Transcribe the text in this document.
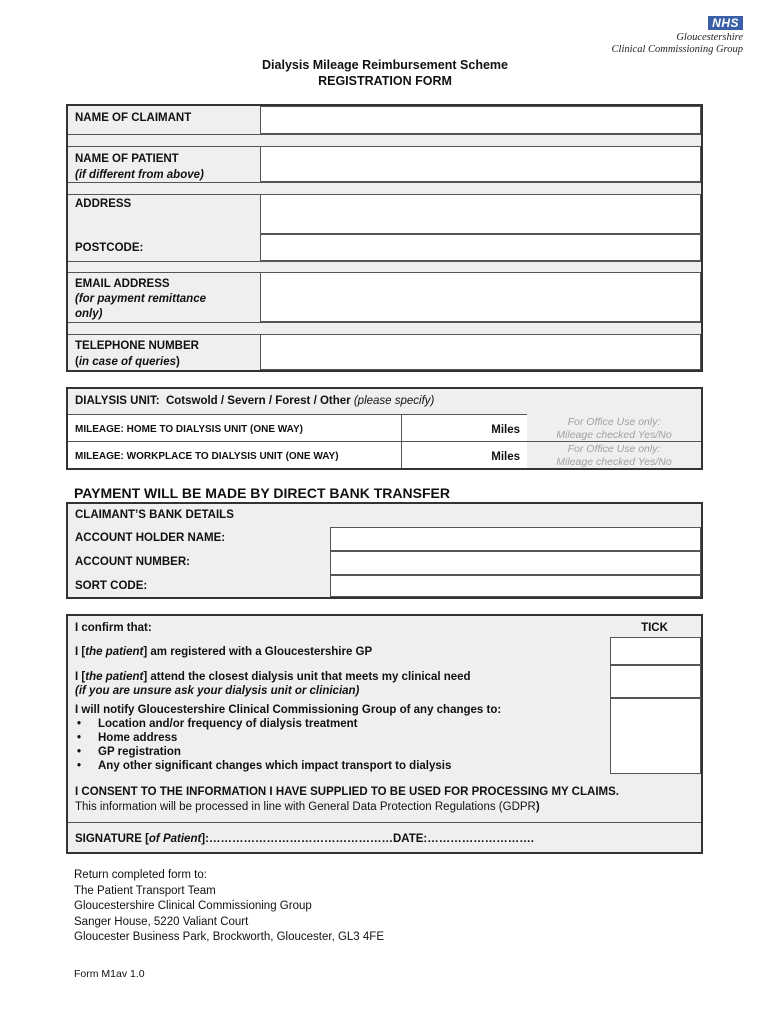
NHS
Gloucestershire
Clinical Commissioning Group
Dialysis Mileage Reimbursement Scheme
REGISTRATION FORM
NAME OF CLAIMANT
NAME OF PATIENT
(if different from above)
ADDRESS
POSTCODE:
EMAIL ADDRESS
(for payment remittance
only)
TELEPHONE NUMBER
(in case of queries)
DIALYSIS UNIT: Cotswold / Severn / Forest / Other (please specify)
MILEAGE: HOME TO DIALYSIS UNIT (ONE WAY)	Miles
For Office Use only:
Mileage checked Yes/No
MILEAGE: WORKPLACE TO DIALYSIS UNIT (ONE WAY)	Miles
For Office Use only:
Mileage checked Yes/No
PAYMENT WILL BE MADE BY DIRECT BANK TRANSFER
CLAIMANT’S BANK DETAILS
ACCOUNT HOLDER NAME:
ACCOUNT NUMBER:
SORT CODE:
I confirm that:	TICK
I [the patient] am registered with a Gloucestershire GP
I [the patient] attend the closest dialysis unit that meets my clinical need
(if you are unsure ask your dialysis unit or clinician)
I will notify Gloucestershire Clinical Commissioning Group of any changes to:
• Location and/or frequency of dialysis treatment
• Home address
• GP registration
• Any other significant changes which impact transport to dialysis
I CONSENT TO THE INFORMATION I HAVE SUPPLIED TO BE USED FOR PROCESSING MY CLAIMS.
This information will be processed in line with General Data Protection Regulations (GDPR)
SIGNATURE [of Patient]:…………………………………………DATE:……………………….
Return completed form to:
The Patient Transport Team
Gloucestershire Clinical Commissioning Group
Sanger House, 5220 Valiant Court
Gloucester Business Park, Brockworth, Gloucester, GL3 4FE
Form M1av 1.0
